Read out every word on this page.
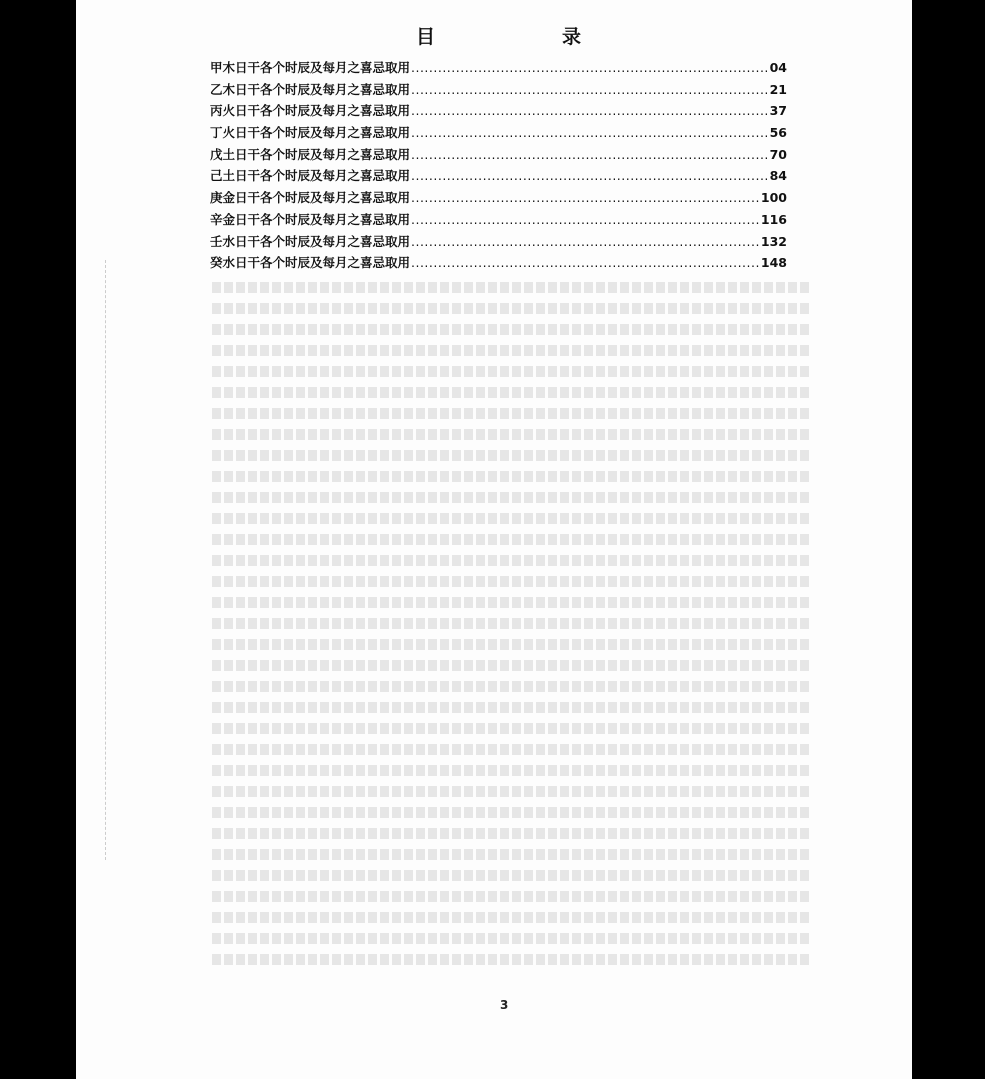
目	录
甲木日干各个时辰及每月之喜忌取用 .....	04
乙木日干各个时辰及每月之喜忌取用 .....	21
丙火日干各个时辰及每月之喜忌取用 .....	37
丁火日干各个时辰及每月之喜忌取用 .....	56
戊土日干各个时辰及每月之喜忌取用 .....	70
己土日干各个时辰及每月之喜忌取用 .....	84
庚金日干各个时辰及每月之喜忌取用 .....	100
辛金日干各个时辰及每月之喜忌取用 .....	116
壬水日干各个时辰及每月之喜忌取用 .....	132
癸水日干各个时辰及每月之喜忌取用 .....	148
3
